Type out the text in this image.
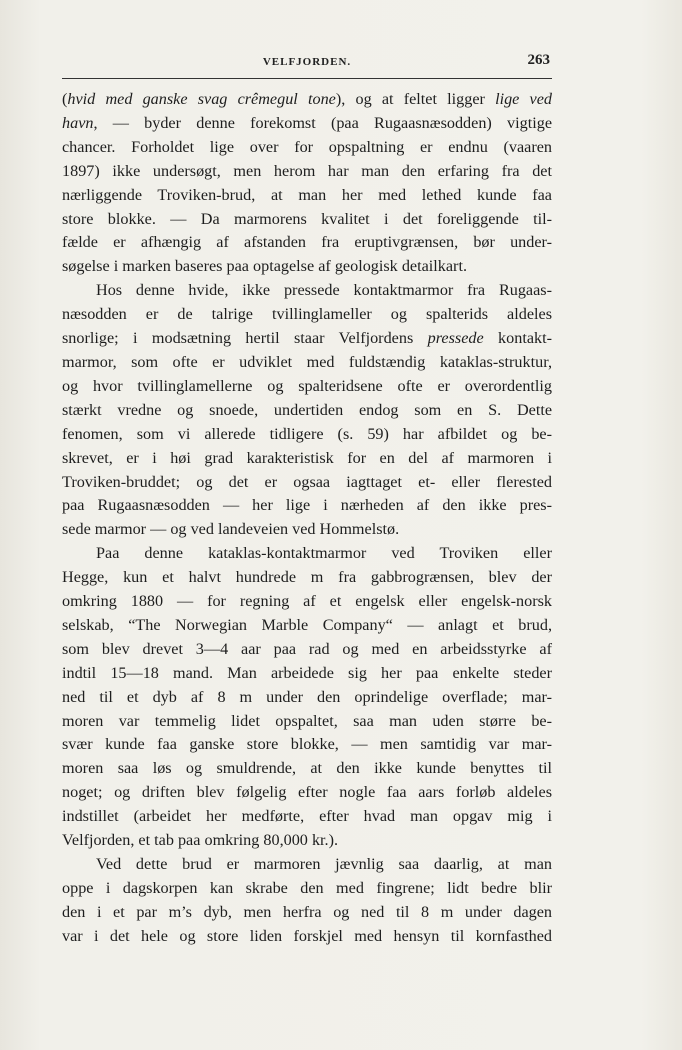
VELFJORDEN.	263
(hvid med ganske svag crêmegul tone), og at feltet ligger lige ved
havn, — byder denne forekomst (paa Rugaasnæsodden) vigtige
chancer. Forholdet lige over for opspaltning er endnu (vaaren
1897) ikke undersøgt, men herom har man den erfaring fra det
nærliggende Troviken-brud, at man her med lethed kunde faa
store blokke. — Da marmorens kvalitet i det foreliggende til-
fælde er afhængig af afstanden fra eruptivgrænsen, bør under-
søgelse i marken baseres paa optagelse af geologisk detailkart.
Hos denne hvide, ikke pressede kontaktmarmor fra Rugaas-
næsodden er de talrige tvillinglameller og spalterids aldeles
snorlige; i modsætning hertil staar Velfjordens pressede kontakt-
marmor, som ofte er udviklet med fuldstændig kataklas-struktur,
og hvor tvillinglamellerne og spalteridsene ofte er overordentlig
stærkt vredne og snoede, undertiden endog som en S. Dette
fenomen, som vi allerede tidligere (s. 59) har afbildet og be-
skrevet, er i høi grad karakteristisk for en del af marmoren i
Troviken-bruddet; og det er ogsaa iagttaget et- eller flerested
paa Rugaasnæsodden — her lige i nærheden af den ikke pres-
sede marmor — og ved landeveien ved Hommelstø.
Paa denne kataklas-kontaktmarmor ved Troviken eller
Hegge, kun et halvt hundrede m fra gabbrogrænsen, blev der
omkring 1880 — for regning af et engelsk eller engelsk-norsk
selskab, “The Norwegian Marble Company“ — anlagt et brud,
som blev drevet 3—4 aar paa rad og med en arbeidsstyrke af
indtil 15—18 mand. Man arbeidede sig her paa enkelte steder
ned til et dyb af 8 m under den oprindelige overflade; mar-
moren var temmelig lidet opspaltet, saa man uden større be-
svær kunde faa ganske store blokke, — men samtidig var mar-
moren saa løs og smuldrende, at den ikke kunde benyttes til
noget; og driften blev følgelig efter nogle faa aars forløb aldeles
indstillet (arbeidet her medførte, efter hvad man opgav mig i
Velfjorden, et tab paa omkring 80,000 kr.).
Ved dette brud er marmoren jævnlig saa daarlig, at man
oppe i dagskorpen kan skrabe den med fingrene; lidt bedre blir
den i et par m’s dyb, men herfra og ned til 8 m under dagen
var i det hele og store liden forskjel med hensyn til kornfasthed
